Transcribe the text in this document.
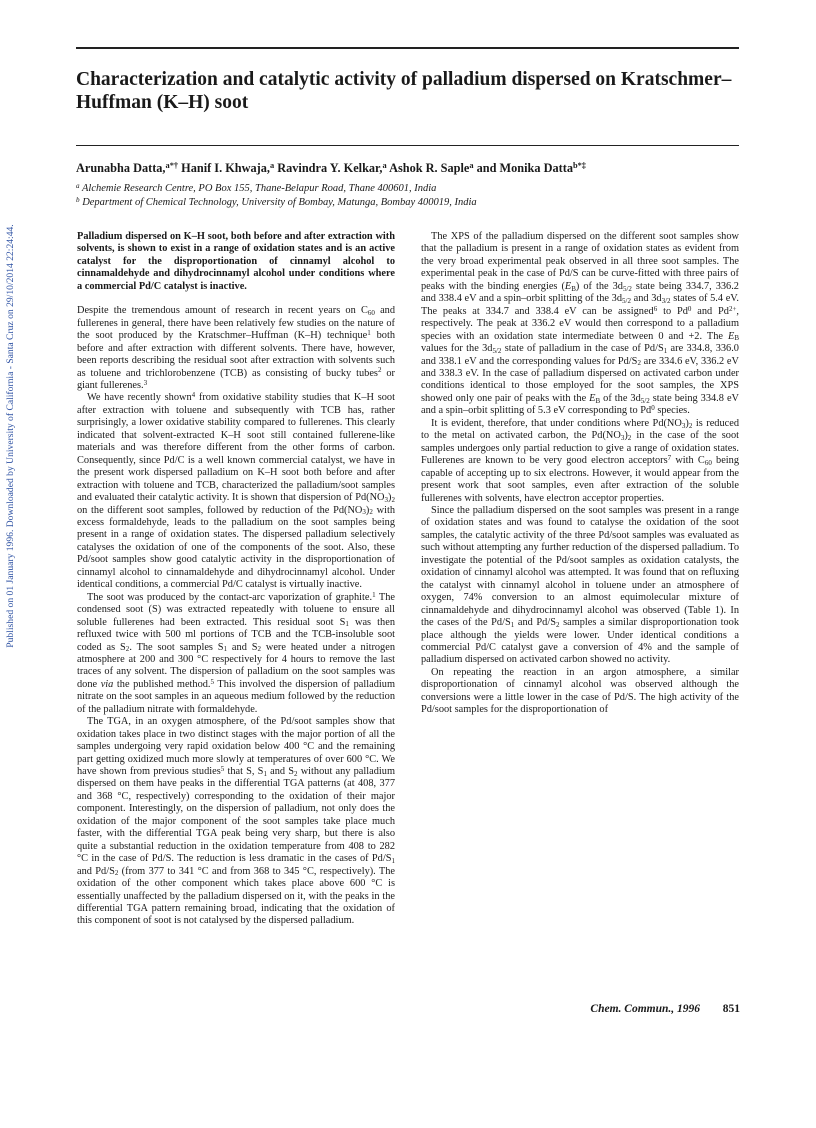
Published on 01 January 1996. Downloaded by University of California - Santa Cruz on 29/10/2014 22:24:44.
Characterization and catalytic activity of palladium dispersed on Kratschmer–Huffman (K–H) soot

Arunabha Datta,$^{a*\dagger}$ Hanif I. Khwaja,$^a$ Ravindra Y. Kelkar,$^a$ Ashok R. Saple$^a$ and Monika Datta$^{b*\ddagger}$

$^a$ Alchemie Research Centre, PO Box 155, Thane-Belapur Road, Thane 400601, India

$^b$ Department of Chemical Technology, University of Bombay, Matunga, Bombay 400019, India

Palladium dispersed on K–H soot, both before and after extraction with solvents, is shown to exist in a range of oxidation states and is an active catalyst for the disproportionation of cinnamyl alcohol to cinnamaldehyde and dihydrocinnamyl alcohol under conditions where a commercial Pd/C catalyst is inactive.

Despite the tremendous amount of research in recent years on $C_{60}$ and fullerenes in general, there have been relatively few studies on the nature of the soot produced by the Kratschmer–Huffman (K–H) technique$^1$ both before and after extraction with different solvents. There have, however, been reports describing the residual soot after extraction with solvents such as toluene and trichlorobenzene (TCB) as consisting of bucky tubes$^2$ or giant fullerenes.$^3$

We have recently shown$^4$ from oxidative stability studies that K–H soot after extraction with toluene and subsequently with TCB has, rather surprisingly, a lower oxidative stability compared to fullerenes. This clearly indicated that solvent-extracted K–H soot still contained fullerene-like materials and was therefore different from the other forms of carbon. Consequently, since Pd/C is a well known commercial catalyst, we have in the present work dispersed palladium on K–H soot both before and after extraction with toluene and TCB, characterized the palladium/soot samples and evaluated their catalytic activity. It is shown that dispersion of $Pd(NO_3)_2$ on the different soot samples, followed by reduction of the $Pd(NO_3)_2$ with excess formaldehyde, leads to the palladium on the soot samples being present in a range of oxidation states. The dispersed palladium selectively catalyses the oxidation of one of the components of the soot. Also, these Pd/soot samples show good catalytic activity in the disproportionation of cinnamyl alcohol to cinnamaldehyde and dihydrocinnamyl alcohol. Under identical conditions, a commercial Pd/C catalyst is virtually inactive.

The soot was produced by the contact-arc vaporization of graphite.$^1$ The condensed soot (S) was extracted repeatedly with toluene to ensure all soluble fullerenes had been extracted. This residual soot $S_1$ was then refluxed twice with 500 ml portions of TCB and the TCB-insoluble soot coded as $S_2$. The soot samples $S_1$ and $S_2$ were heated under a nitrogen atmosphere at 200 and 300 °C respectively for 4 hours to remove the last traces of any solvent. The dispersion of palladium on the soot samples was done via the published method.$^5$ This involved the dispersion of palladium nitrate on the soot samples in an aqueous medium followed by the reduction of the palladium nitrate with formaldehyde.

The TGA, in an oxygen atmosphere, of the Pd/soot samples show that oxidation takes place in two distinct stages with the major portion of all the samples undergoing very rapid oxidation below 400 °C and the remaining part getting oxidized much more slowly at temperatures of over 600 °C. We have shown from previous studies$^5$ that S, $S_1$ and $S_2$ without any palladium dispersed on them have peaks in the differential TGA patterns (at 408, 377 and 368 °C, respectively) corresponding to the oxidation of their major component. Interestingly, on the dispersion of palladium, not only does the oxidation of the major component of the soot samples take place much faster, with the differential TGA peak being very sharp, but there is also quite a substantial reduction in the oxidation temperature from 408 to 282 °C in the case of Pd/S. The reduction is less dramatic in the cases of $Pd/S_1$ and $Pd/S_2$ (from 377 to 341 °C and from 368 to 345 °C, respectively). The oxidation of the other component which takes place above 600 °C is essentially unaffected by the palladium dispersed on it, with the peaks in the differential TGA pattern remaining broad, indicating that the oxidation of this component of soot is not catalysed by the dispersed palladium.

The XPS of the palladium dispersed on the different soot samples show that the palladium is present in a range of oxidation states as evident from the very broad experimental peak observed in all three soot samples. The experimental peak in the case of Pd/S can be curve-fitted with three pairs of peaks with the binding energies $(E_B)$ of the $3d_{5/2}$ state being 334.7, 336.2 and 338.4 eV and a spin–orbit splitting of the $3d_{5/2}$ and $3d_{3/2}$ states of 5.4 eV. The peaks at 334.7 and 338.4 eV can be assigned$^6$ to Pd$^0$ and $Pd^{2+}$, respectively. The peak at 336.2 eV would then correspond to a palladium species with an oxidation state intermediate between 0 and +2. The $E_B$ values for the $3d_{5/2}$ state of palladium in the case of $Pd/S_1$ are 334.8, 336.0 and 338.1 eV and the corresponding values for $Pd/S_2$ are 334.6 eV, 336.2 eV and 338.3 eV. In the case of palladium dispersed on activated carbon under conditions identical to those employed for the soot samples, the XPS showed only one pair of peaks with the $E_B$ of the $3d_{5/2}$ state being 334.8 eV and a spin–orbit splitting of 5.3 eV corresponding to Pd$^0$ species.

It is evident, therefore, that under conditions where $Pd(NO_3)_2$ is reduced to the metal on activated carbon, the $Pd(NO_3)_2$ in the case of the soot samples undergoes only partial reduction to give a range of oxidation states. Fullerenes are known to be very good electron acceptors$^7$ with $C_{60}$ being capable of accepting up to six electrons. However, it would appear from the present work that soot samples, even after extraction of the soluble fullerenes with solvents, have electron acceptor properties.

Since the palladium dispersed on the soot samples was present in a range of oxidation states and was found to catalyse the oxidation of the soot samples, the catalytic activity of the three Pd/soot samples was evaluated as such without attempting any further reduction of the dispersed palladium. To investigate the potential of the Pd/soot samples as oxidation catalysts, the oxidation of cinnamyl alcohol was attempted. It was found that on refluxing the catalyst with cinnamyl alcohol in toluene under an atmosphere of oxygen, 74% conversion to an almost equimolecular mixture of cinnamaldehyde and dihydrocinnamyl alcohol was observed (Table 1). In the cases of the $Pd/S_1$ and $Pd/S_2$ samples a similar disproportionation took place although the yields were lower. Under identical conditions a commercial Pd/C catalyst gave a conversion of 4% and the sample of palladium dispersed on activated carbon showed no activity.

On repeating the reaction in an argon atmosphere, a similar disproportionation of cinnamyl alcohol was observed although the conversions were a little lower in the case of Pd/S. The high activity of the Pd/soot samples for the disproportionation of

Chem. Commun., 1996	851
